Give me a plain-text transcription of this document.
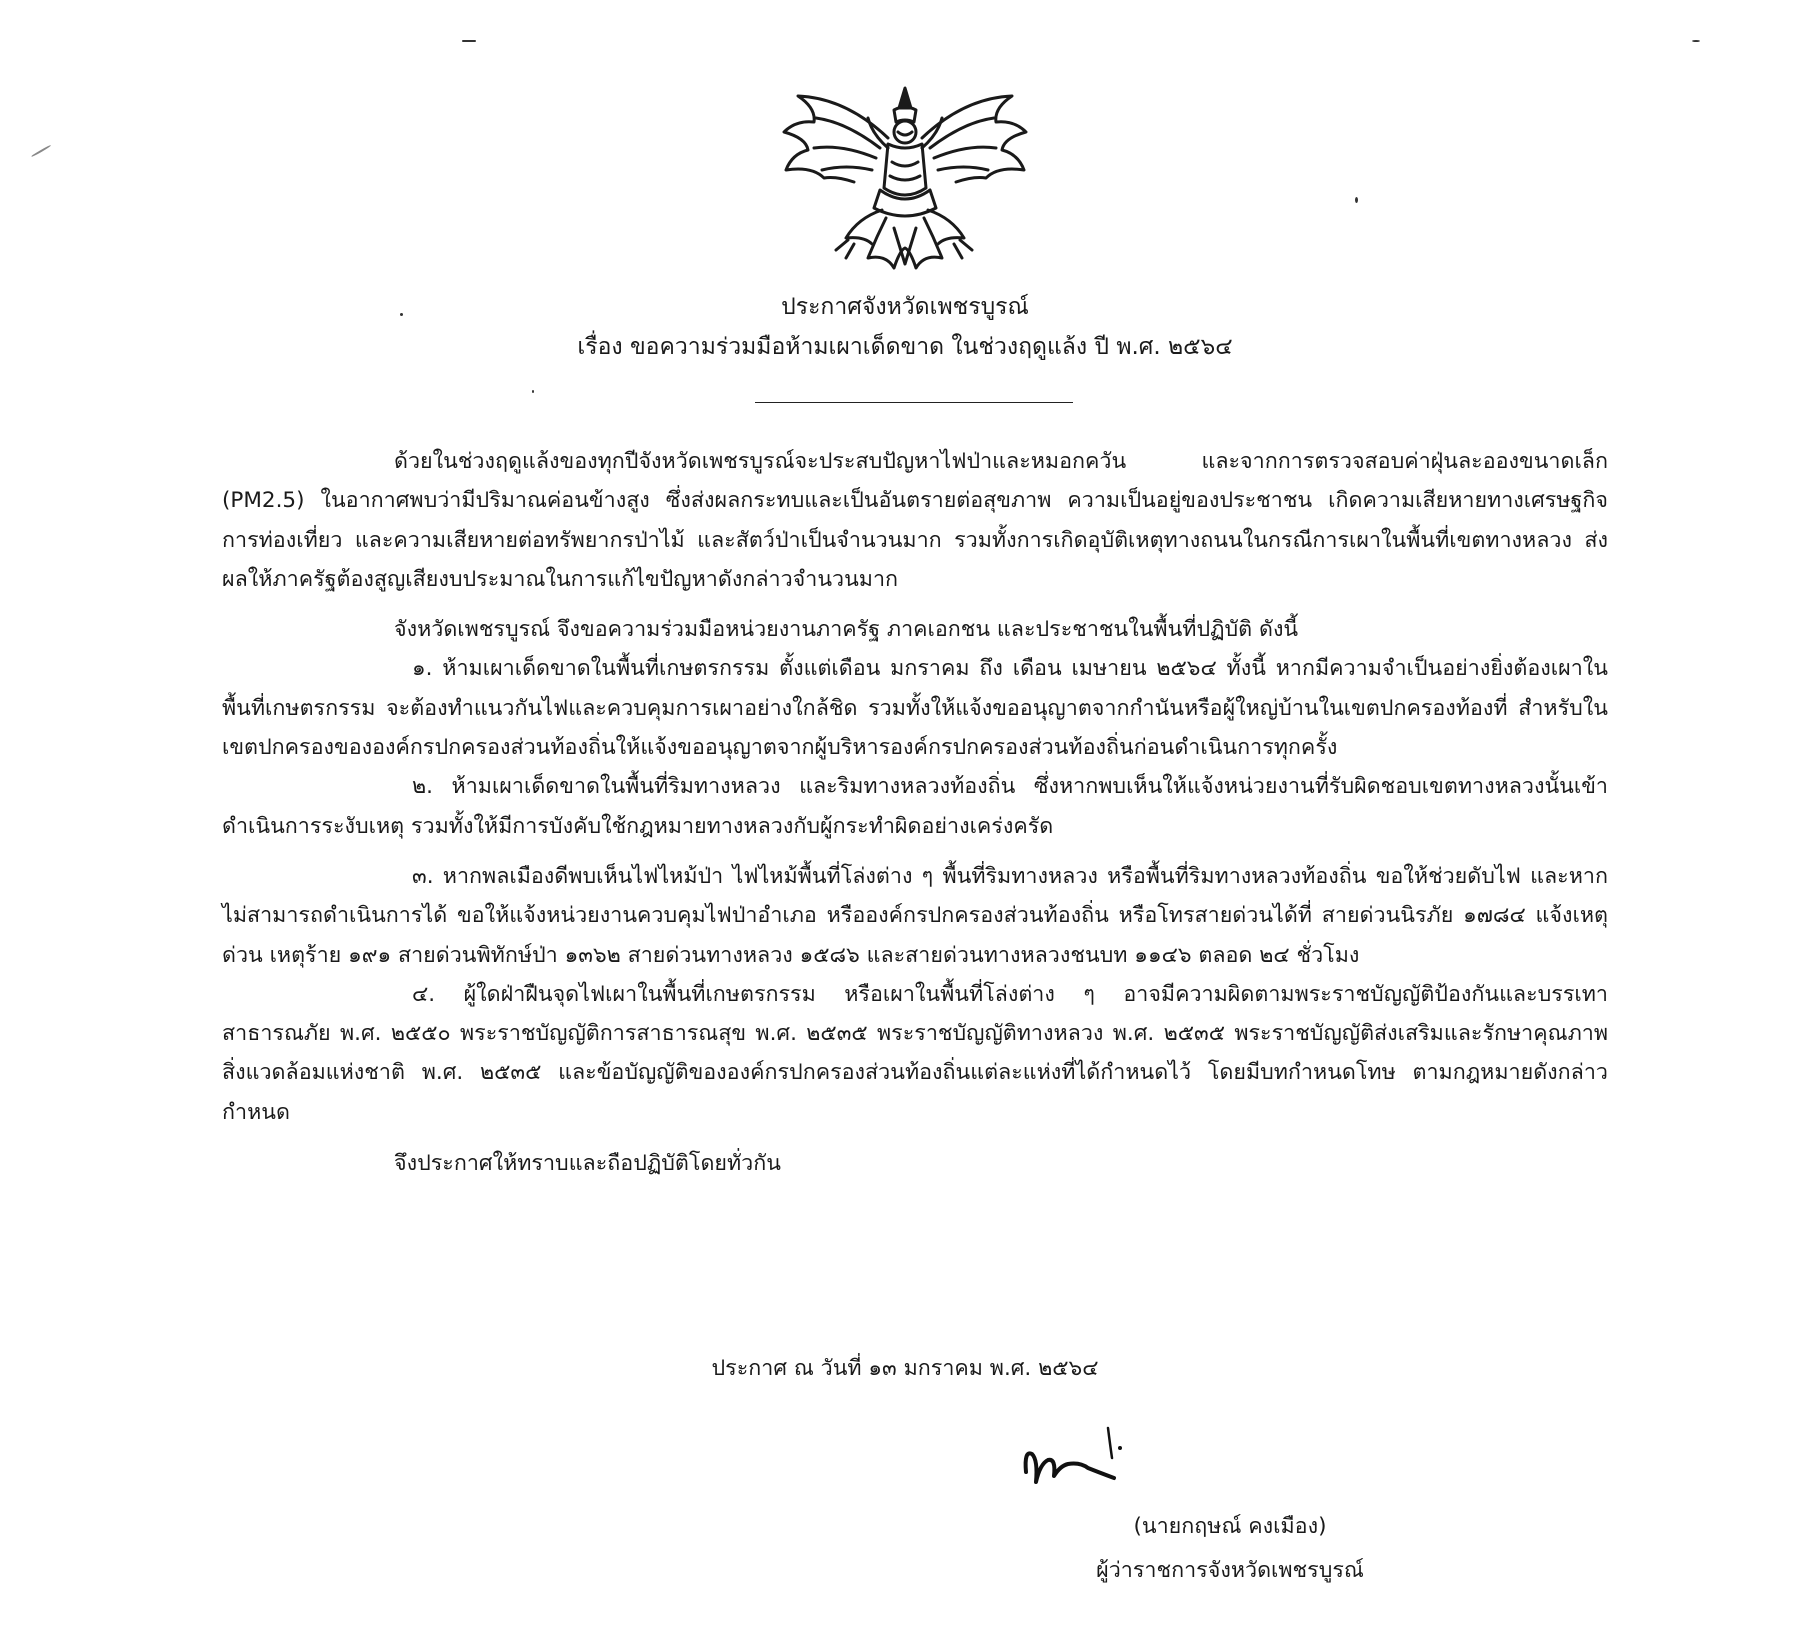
ประกาศจังหวัดเพชรบูรณ์
เรื่อง ขอความร่วมมือห้ามเผาเด็ดขาด ในช่วงฤดูแล้ง ปี พ.ศ. ๒๕๖๔

ด้วยในช่วงฤดูแล้งของทุกปีจังหวัดเพชรบูรณ์จะประสบปัญหาไฟป่าและหมอกควัน และจากการตรวจสอบค่าฝุ่นละอองขนาดเล็ก (PM2.5) ในอากาศพบว่ามีปริมาณค่อนข้างสูง ซึ่งส่งผลกระทบและเป็นอันตรายต่อสุขภาพ ความเป็นอยู่ของประชาชน เกิดความเสียหายทางเศรษฐกิจ การท่องเที่ยว และความเสียหายต่อทรัพยากรป่าไม้ และสัตว์ป่าเป็นจำนวนมาก รวมทั้งการเกิดอุบัติเหตุทางถนนในกรณีการเผาในพื้นที่เขตทางหลวง ส่งผลให้ภาครัฐต้องสูญเสียงบประมาณในการแก้ไขปัญหาดังกล่าวจำนวนมาก

จังหวัดเพชรบูรณ์ จึงขอความร่วมมือหน่วยงานภาครัฐ ภาคเอกชน และประชาชนในพื้นที่ปฏิบัติ ดังนี้

๑. ห้ามเผาเด็ดขาดในพื้นที่เกษตรกรรม ตั้งแต่เดือน มกราคม ถึง เดือน เมษายน ๒๕๖๔ ทั้งนี้ หากมีความจำเป็นอย่างยิ่งต้องเผาในพื้นที่เกษตรกรรม จะต้องทำแนวกันไฟและควบคุมการเผาอย่างใกล้ชิด รวมทั้งให้แจ้งขออนุญาตจากกำนันหรือผู้ใหญ่บ้านในเขตปกครองท้องที่ สำหรับในเขตปกครองขององค์กรปกครองส่วนท้องถิ่นให้แจ้งขออนุญาตจากผู้บริหารองค์กรปกครองส่วนท้องถิ่นก่อนดำเนินการทุกครั้ง

๒. ห้ามเผาเด็ดขาดในพื้นที่ริมทางหลวง และริมทางหลวงท้องถิ่น ซึ่งหากพบเห็นให้แจ้งหน่วยงานที่รับผิดชอบเขตทางหลวงนั้นเข้าดำเนินการระงับเหตุ รวมทั้งให้มีการบังคับใช้กฎหมายทางหลวงกับผู้กระทำผิดอย่างเคร่งครัด

๓. หากพลเมืองดีพบเห็นไฟไหม้ป่า ไฟไหม้พื้นที่โล่งต่าง ๆ พื้นที่ริมทางหลวง หรือพื้นที่ริมทางหลวงท้องถิ่น ขอให้ช่วยดับไฟ และหากไม่สามารถดำเนินการได้ ขอให้แจ้งหน่วยงานควบคุมไฟป่าอำเภอ หรือองค์กรปกครองส่วนท้องถิ่น หรือโทรสายด่วนได้ที่ สายด่วนนิรภัย ๑๗๘๔ แจ้งเหตุด่วน เหตุร้าย ๑๙๑ สายด่วนพิทักษ์ป่า ๑๓๖๒ สายด่วนทางหลวง ๑๕๘๖ และสายด่วนทางหลวงชนบท ๑๑๔๖ ตลอด ๒๔ ชั่วโมง

๔. ผู้ใดฝ่าฝืนจุดไฟเผาในพื้นที่เกษตรกรรม หรือเผาในพื้นที่โล่งต่าง ๆ อาจมีความผิดตามพระราชบัญญัติป้องกันและบรรเทาสาธารณภัย พ.ศ. ๒๕๕๐ พระราชบัญญัติการสาธารณสุข พ.ศ. ๒๕๓๕ พระราชบัญญัติทางหลวง พ.ศ. ๒๕๓๕ พระราชบัญญัติส่งเสริมและรักษาคุณภาพสิ่งแวดล้อมแห่งชาติ พ.ศ. ๒๕๓๕ และข้อบัญญัติขององค์กรปกครองส่วนท้องถิ่นแต่ละแห่งที่ได้กำหนดไว้ โดยมีบทกำหนดโทษ ตามกฎหมายดังกล่าวกำหนด

จึงประกาศให้ทราบและถือปฏิบัติโดยทั่วกัน

ประกาศ ณ วันที่ ๑๓ มกราคม พ.ศ. ๒๕๖๔
(นายกฤษณ์ คงเมือง)
ผู้ว่าราชการจังหวัดเพชรบูรณ์
